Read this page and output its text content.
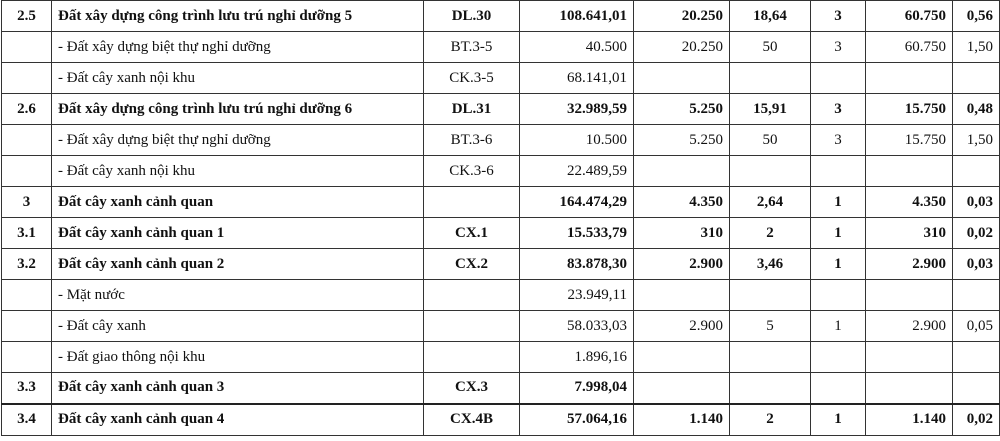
2.5	Đất xây dựng công trình lưu trú nghỉ dưỡng 5	DL.30	108.641,01	20.250	18,64	3	60.750	0,56
	- Đất xây dựng biệt thự nghỉ dưỡng	BT.3-5	40.500	20.250	50	3	60.750	1,50
	- Đất cây xanh nội khu	CK.3-5	68.141,01					
2.6	Đất xây dựng công trình lưu trú nghỉ dưỡng 6	DL.31	32.989,59	5.250	15,91	3	15.750	0,48
	- Đất xây dựng biệt thự nghỉ dưỡng	BT.3-6	10.500	5.250	50	3	15.750	1,50
	- Đất cây xanh nội khu	CK.3-6	22.489,59					
3	Đất cây xanh cảnh quan		164.474,29	4.350	2,64	1	4.350	0,03
3.1	Đất cây xanh cảnh quan 1	CX.1	15.533,79	310	2	1	310	0,02
3.2	Đất cây xanh cảnh quan 2	CX.2	83.878,30	2.900	3,46	1	2.900	0,03
	- Mặt nước		23.949,11					
	- Đất cây xanh		58.033,03	2.900	5	1	2.900	0,05
	- Đất giao thông nội khu		1.896,16					
3.3	Đất cây xanh cảnh quan 3	CX.3	7.998,04					
3.4	Đất cây xanh cảnh quan 4	CX.4B	57.064,16	1.140	2	1	1.140	0,02
